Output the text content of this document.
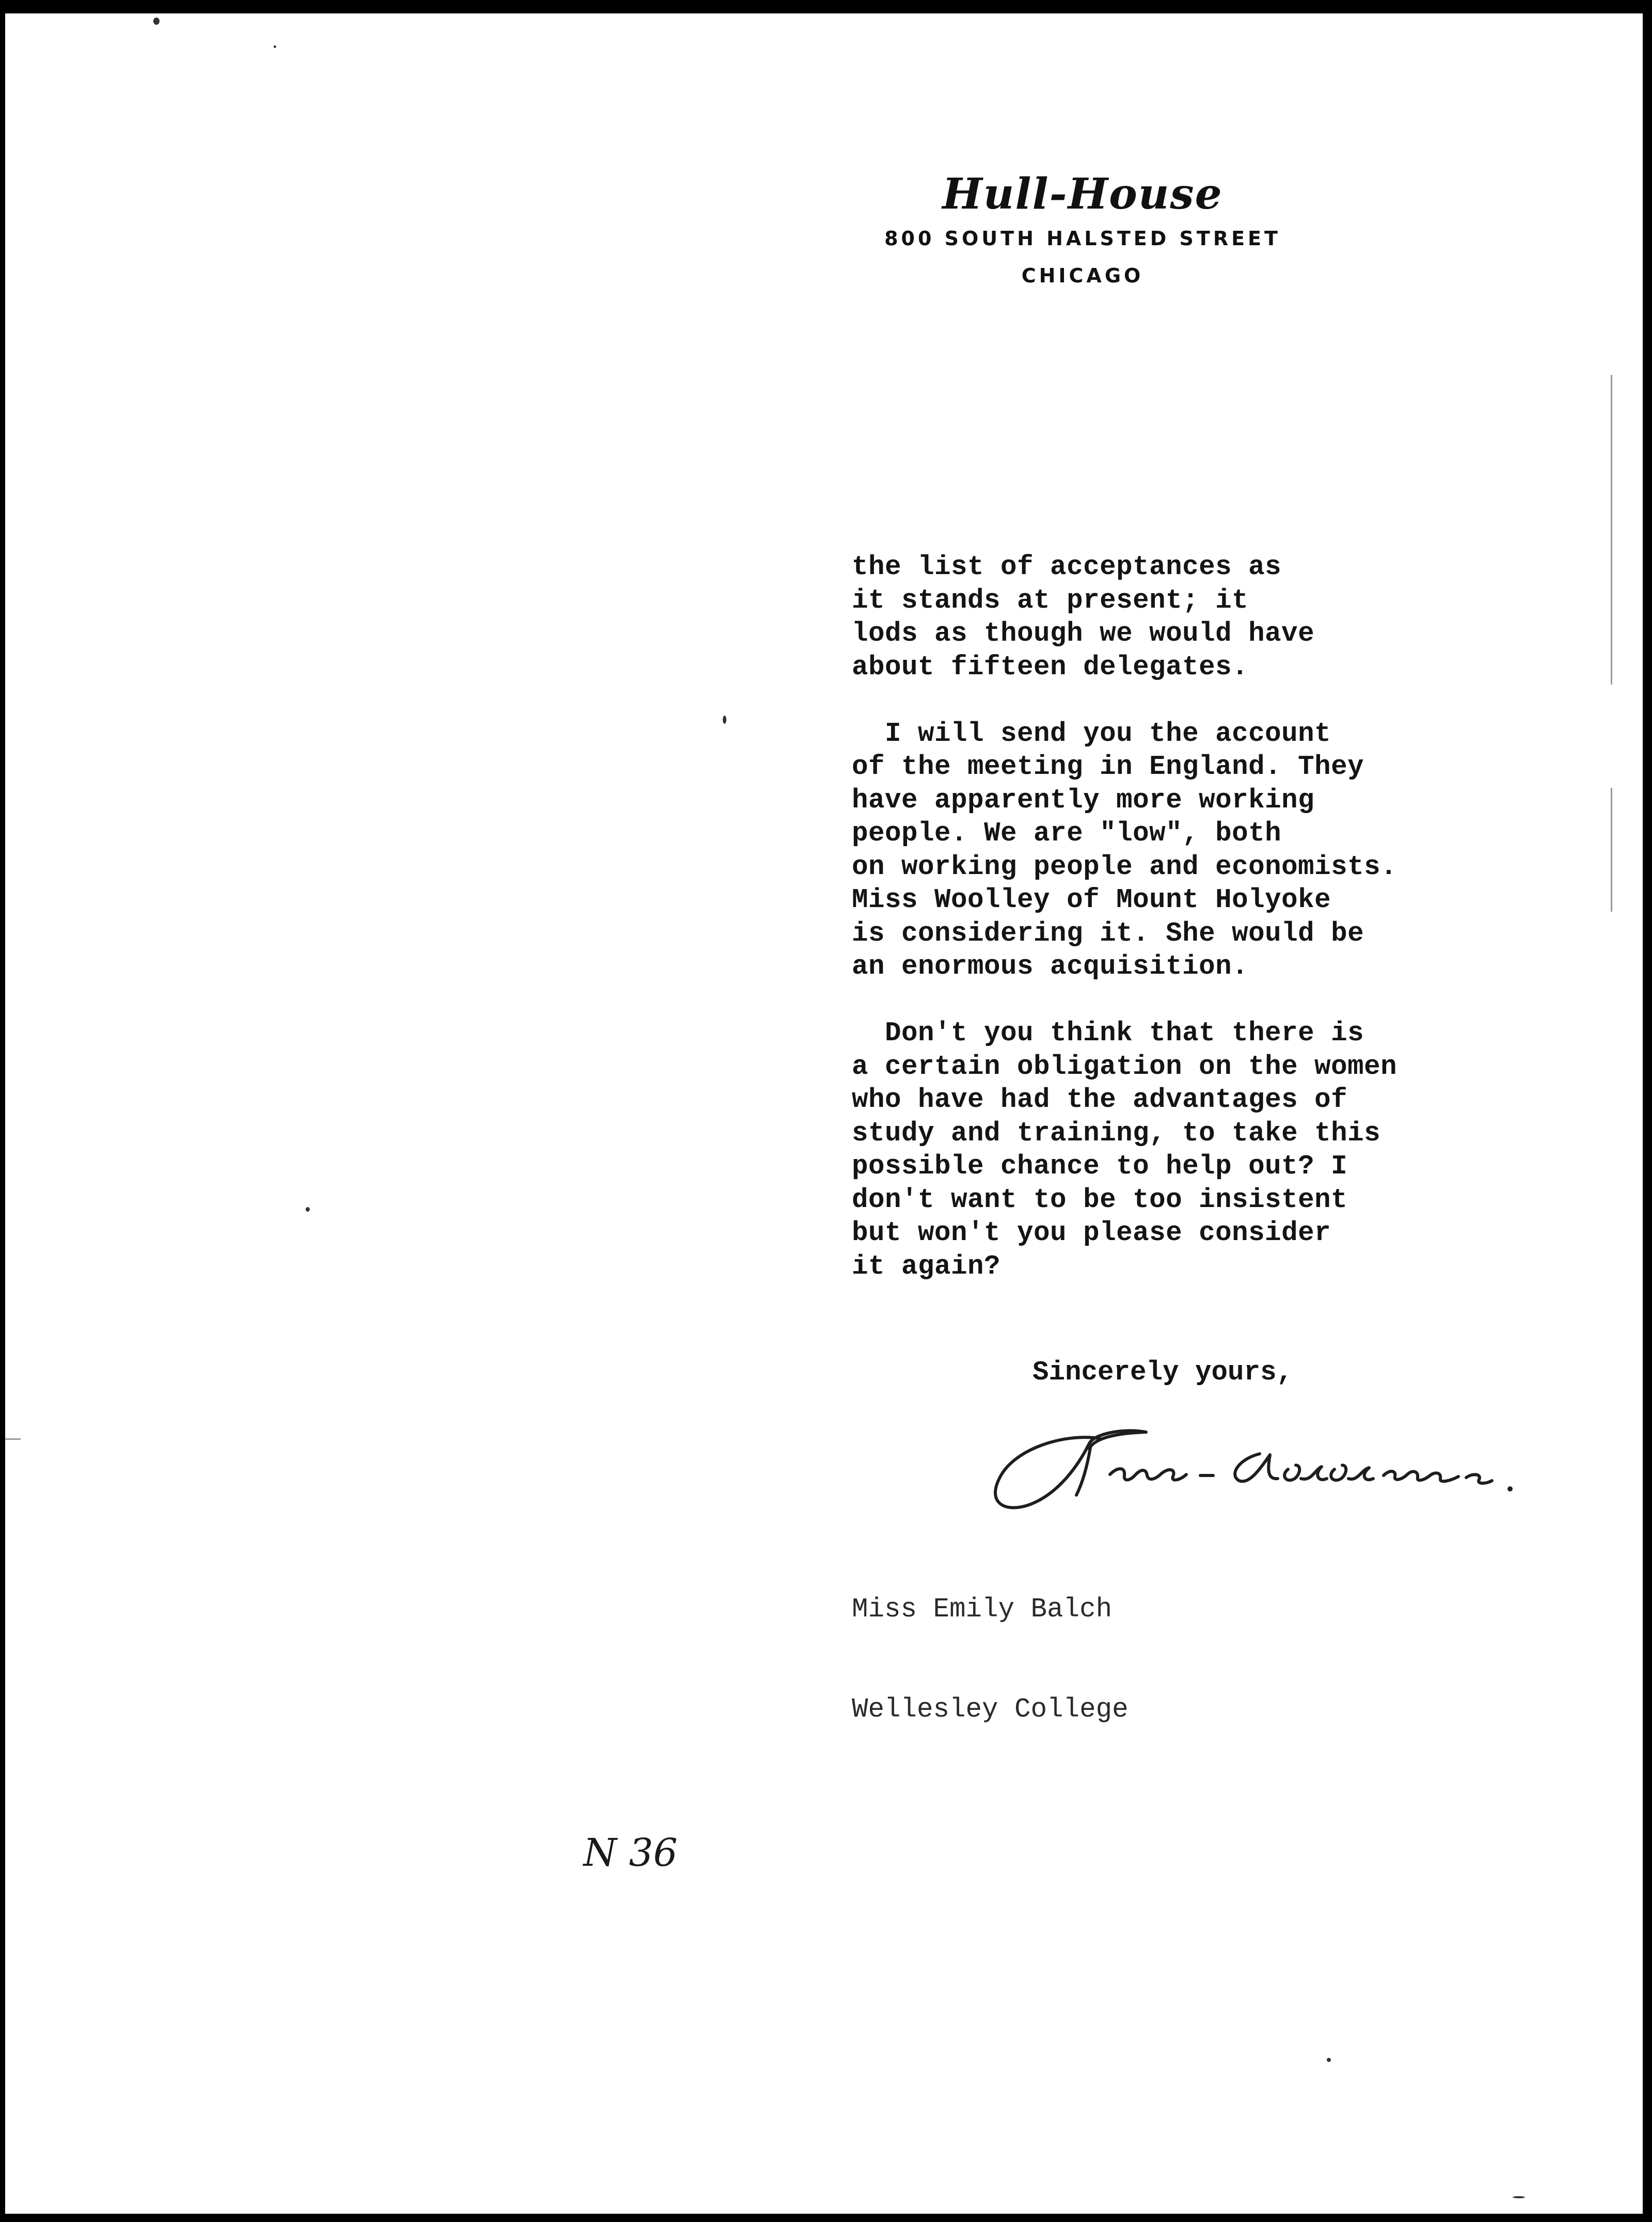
Hull-House
800 SOUTH HALSTED STREET
CHICAGO

the list of acceptances as
it stands at present; it
lods as though we would have
about fifteen delegates.

I will send you the account
of the meeting in England. They
have apparently more working
people. We are "low", both
on working people and economists.
Miss Woolley of Mount Holyoke
is considering it. She would be
an enormous acquisition.

Don't you think that there is
a certain obligation on the women
who have had the advantages of
study and training, to take this
possible chance to help out? I
don't want to be too insistent
but won't you please consider
it again?

Sincerely yours,

Miss Emily Balch

Wellesley College

N 36
